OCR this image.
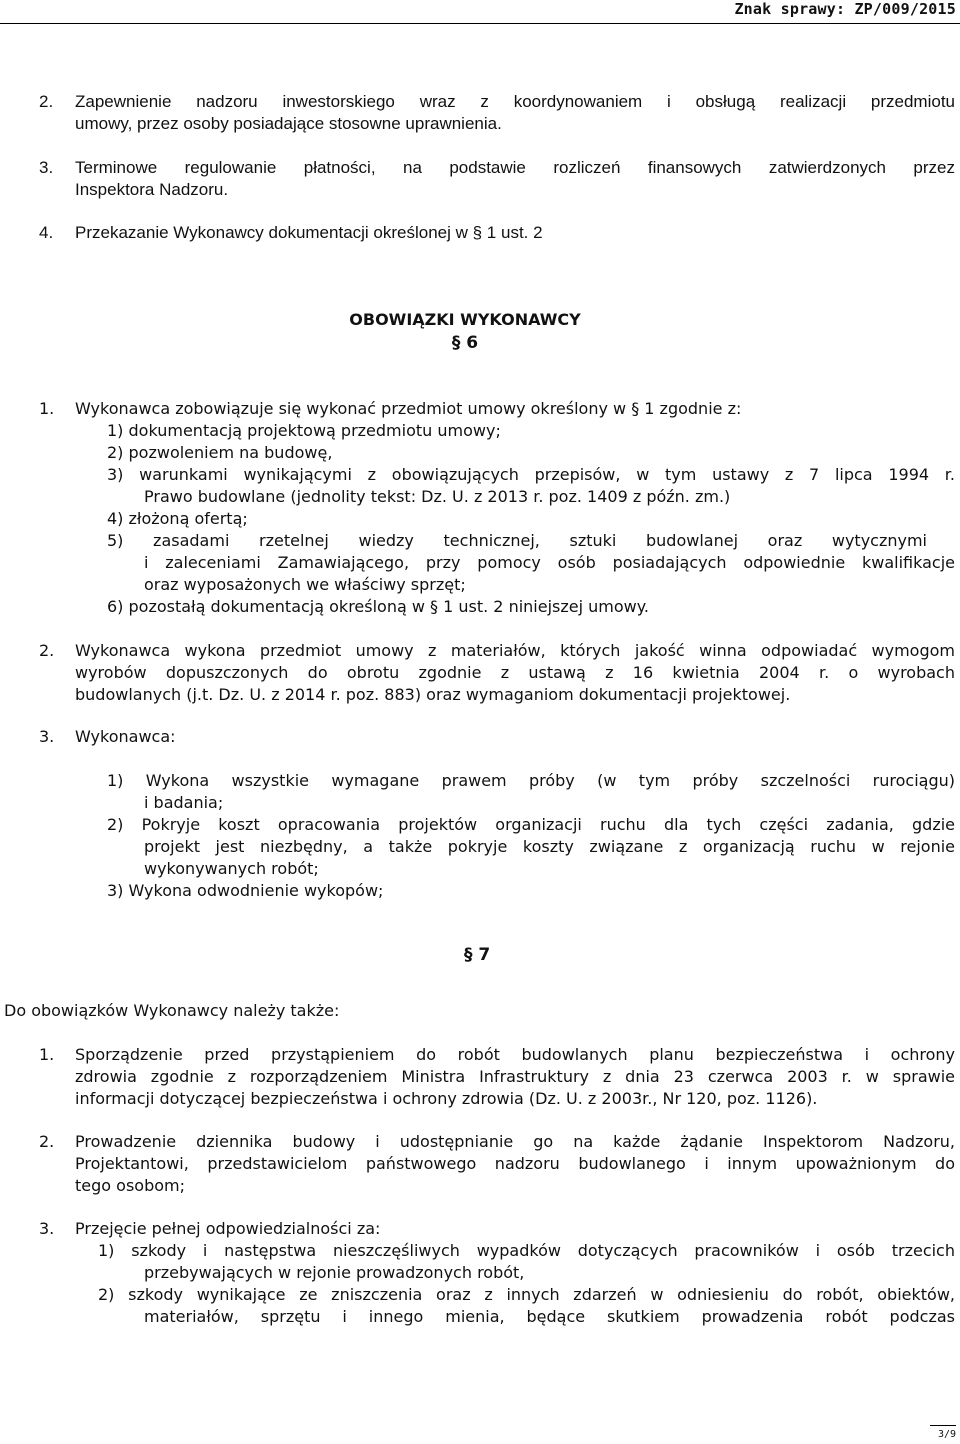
Znak sprawy: ZP/009/2015
2. Zapewnienie nadzoru inwestorskiego wraz z koordynowaniem i obsługą realizacji przedmiotu
umowy, przez osoby posiadające stosowne uprawnienia.
3. Terminowe regulowanie płatności, na podstawie rozliczeń finansowych zatwierdzonych przez
Inspektora Nadzoru.
4. Przekazanie Wykonawcy dokumentacji określonej w § 1 ust. 2
OBOWIĄZKI WYKONAWCY
§ 6
1. Wykonawca zobowiązuje się wykonać przedmiot umowy określony w § 1 zgodnie z:
1) dokumentacją projektową przedmiotu umowy;
2) pozwoleniem na budowę,
3) warunkami wynikającymi z obowiązujących przepisów, w tym ustawy z 7 lipca 1994 r.
Prawo budowlane (jednolity tekst: Dz. U. z 2013 r. poz. 1409 z późn. zm.)
4) złożoną ofertą;
5) zasadami rzetelnej wiedzy technicznej, sztuki budowlanej oraz wytycznymi
i zaleceniami Zamawiającego, przy pomocy osób posiadających odpowiednie kwalifikacje
oraz wyposażonych we właściwy sprzęt;
6) pozostałą dokumentacją określoną w § 1 ust. 2 niniejszej umowy.
2. Wykonawca wykona przedmiot umowy z materiałów, których jakość winna odpowiadać wymogom
wyrobów dopuszczonych do obrotu zgodnie z ustawą z 16 kwietnia 2004 r. o wyrobach
budowlanych (j.t. Dz. U. z 2014 r. poz. 883) oraz wymaganiom dokumentacji projektowej.
3. Wykonawca:
1) Wykona wszystkie wymagane prawem próby (w tym próby szczelności rurociągu)
i badania;
2) Pokryje koszt opracowania projektów organizacji ruchu dla tych części zadania, gdzie
projekt jest niezbędny, a także pokryje koszty związane z organizacją ruchu w rejonie
wykonywanych robót;
3) Wykona odwodnienie wykopów;
§ 7
Do obowiązków Wykonawcy należy także:
1. Sporządzenie przed przystąpieniem do robót budowlanych planu bezpieczeństwa i ochrony
zdrowia zgodnie z rozporządzeniem Ministra Infrastruktury z dnia 23 czerwca 2003 r. w sprawie
informacji dotyczącej bezpieczeństwa i ochrony zdrowia (Dz. U. z 2003r., Nr 120, poz. 1126).
2. Prowadzenie dziennika budowy i udostępnianie go na każde żądanie Inspektorom Nadzoru,
Projektantowi, przedstawicielom państwowego nadzoru budowlanego i innym upoważnionym do
tego osobom;
3. Przejęcie pełnej odpowiedzialności za:
1) szkody i następstwa nieszczęśliwych wypadków dotyczących pracowników i osób trzecich
przebywających w rejonie prowadzonych robót,
2) szkody wynikające ze zniszczenia oraz z innych zdarzeń w odniesieniu do robót, obiektów,
materiałów, sprzętu i innego mienia, będące skutkiem prowadzenia robót podczas
3/9
